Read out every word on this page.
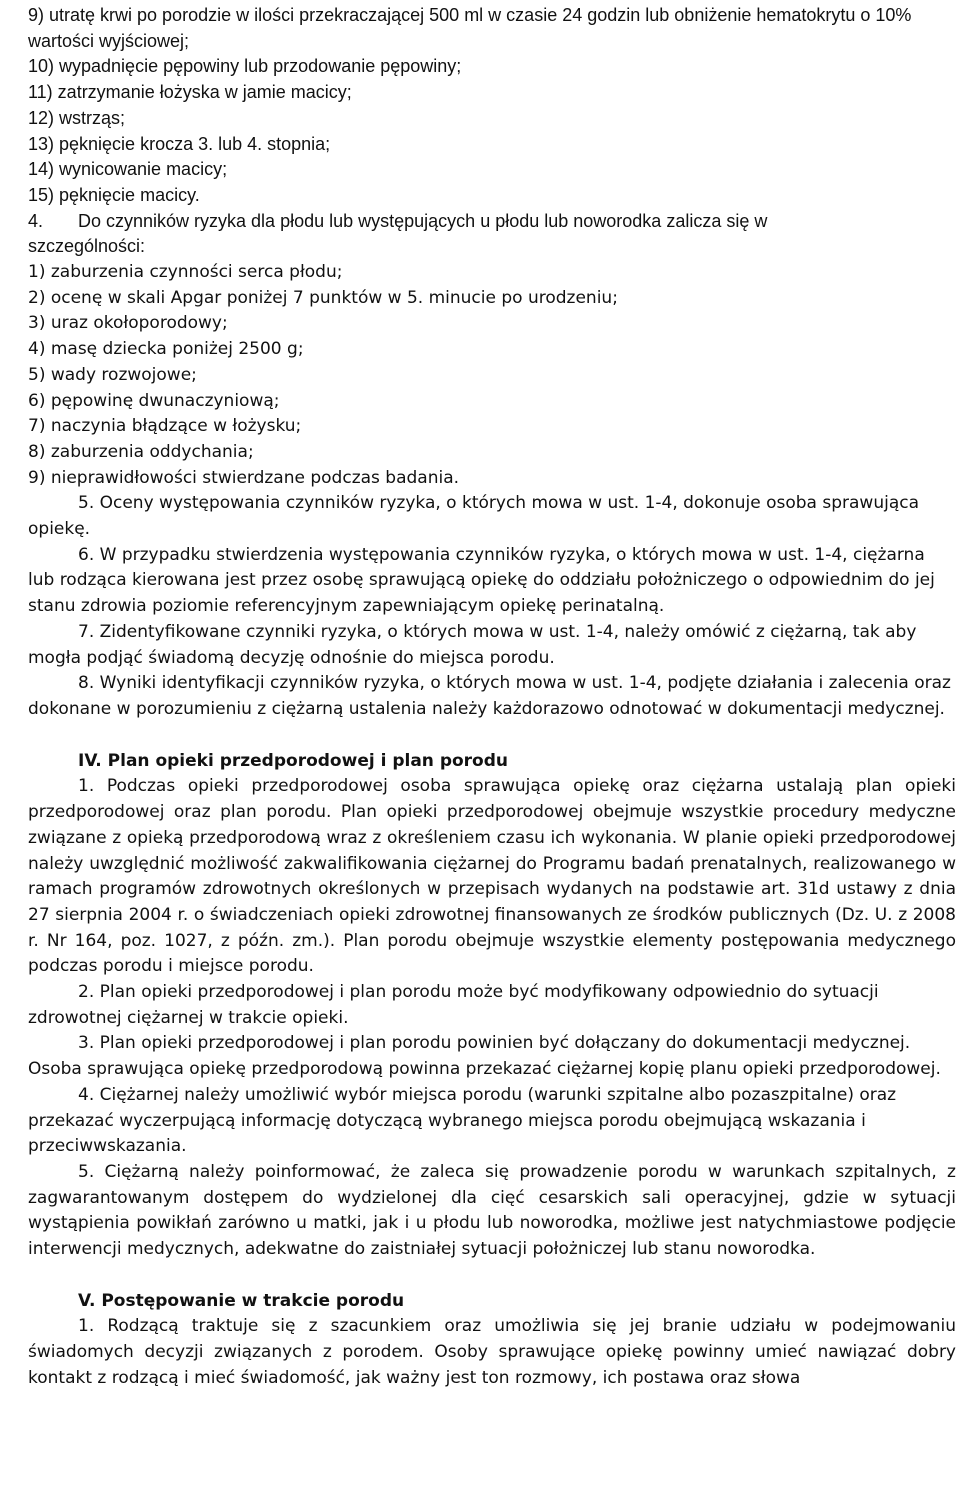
9) utratę krwi po porodzie w ilości przekraczającej 500 ml w czasie 24 godzin lub obniżenie hematokrytu o 10% wartości wyjściowej;

10) wypadnięcie pępowiny lub przodowanie pępowiny;

11) zatrzymanie łożyska w jamie macicy;

12) wstrząs;

13) pęknięcie krocza 3. lub 4. stopnia;

14) wynicowanie macicy;

15) pęknięcie macicy.

4. Do czynników ryzyka dla płodu lub występujących u płodu lub noworodka zalicza się w
szczególności:

1) zaburzenia czynności serca płodu;

2) ocenę w skali Apgar poniżej 7 punktów w 5. minucie po urodzeniu;

3) uraz okołoporodowy;

4) masę dziecka poniżej 2500 g;

5) wady rozwojowe;

6) pępowinę dwunaczyniową;

7) naczynia błądzące w łożysku;

8) zaburzenia oddychania;

9) nieprawidłowości stwierdzane podczas badania.

5. Oceny występowania czynników ryzyka, o których mowa w ust. 1-4, dokonuje osoba sprawująca opiekę.

6. W przypadku stwierdzenia występowania czynników ryzyka, o których mowa w ust. 1-4, ciężarna lub rodząca kierowana jest przez osobę sprawującą opiekę do oddziału położniczego o odpowiednim do jej stanu zdrowia poziomie referencyjnym zapewniającym opiekę perinatalną.

7. Zidentyfikowane czynniki ryzyka, o których mowa w ust. 1-4, należy omówić z ciężarną, tak aby mogła podjąć świadomą decyzję odnośnie do miejsca porodu.

8. Wyniki identyfikacji czynników ryzyka, o których mowa w ust. 1-4, podjęte działania i zalecenia oraz dokonane w porozumieniu z ciężarną ustalenia należy każdorazowo odnotować w dokumentacji medycznej.

IV. Plan opieki przedporodowej i plan porodu

1. Podczas opieki przedporodowej osoba sprawująca opiekę oraz ciężarna ustalają plan opieki przedporodowej oraz plan porodu. Plan opieki przedporodowej obejmuje wszystkie procedury medyczne związane z opieką przedporodową wraz z określeniem czasu ich wykonania. W planie opieki przedporodowej należy uwzględnić możliwość zakwalifikowania ciężarnej do Programu badań prenatalnych, realizowanego w ramach programów zdrowotnych określonych w przepisach wydanych na podstawie art. 31d ustawy z dnia 27 sierpnia 2004 r. o świadczeniach opieki zdrowotnej finansowanych ze środków publicznych (Dz. U. z 2008 r. Nr 164, poz. 1027, z późn. zm.). Plan porodu obejmuje wszystkie elementy postępowania medycznego podczas porodu i miejsce porodu.

2. Plan opieki przedporodowej i plan porodu może być modyfikowany odpowiednio do sytuacji zdrowotnej ciężarnej w trakcie opieki.

3. Plan opieki przedporodowej i plan porodu powinien być dołączany do dokumentacji medycznej. Osoba sprawująca opiekę przedporodową powinna przekazać ciężarnej kopię planu opieki przedporodowej.

4. Ciężarnej należy umożliwić wybór miejsca porodu (warunki szpitalne albo pozaszpitalne) oraz przekazać wyczerpującą informację dotyczącą wybranego miejsca porodu obejmującą wskazania i przeciwwskazania.

5. Ciężarną należy poinformować, że zaleca się prowadzenie porodu w warunkach szpitalnych, z zagwarantowanym dostępem do wydzielonej dla cięć cesarskich sali operacyjnej, gdzie w sytuacji wystąpienia powikłań zarówno u matki, jak i u płodu lub noworodka, możliwe jest natychmiastowe podjęcie interwencji medycznych, adekwatne do zaistniałej sytuacji położniczej lub stanu noworodka.

V. Postępowanie w trakcie porodu

1. Rodzącą traktuje się z szacunkiem oraz umożliwia się jej branie udziału w podejmowaniu świadomych decyzji związanych z porodem. Osoby sprawujące opiekę powinny umieć nawiązać dobry kontakt z rodzącą i mieć świadomość, jak ważny jest ton rozmowy, ich postawa oraz słowa
